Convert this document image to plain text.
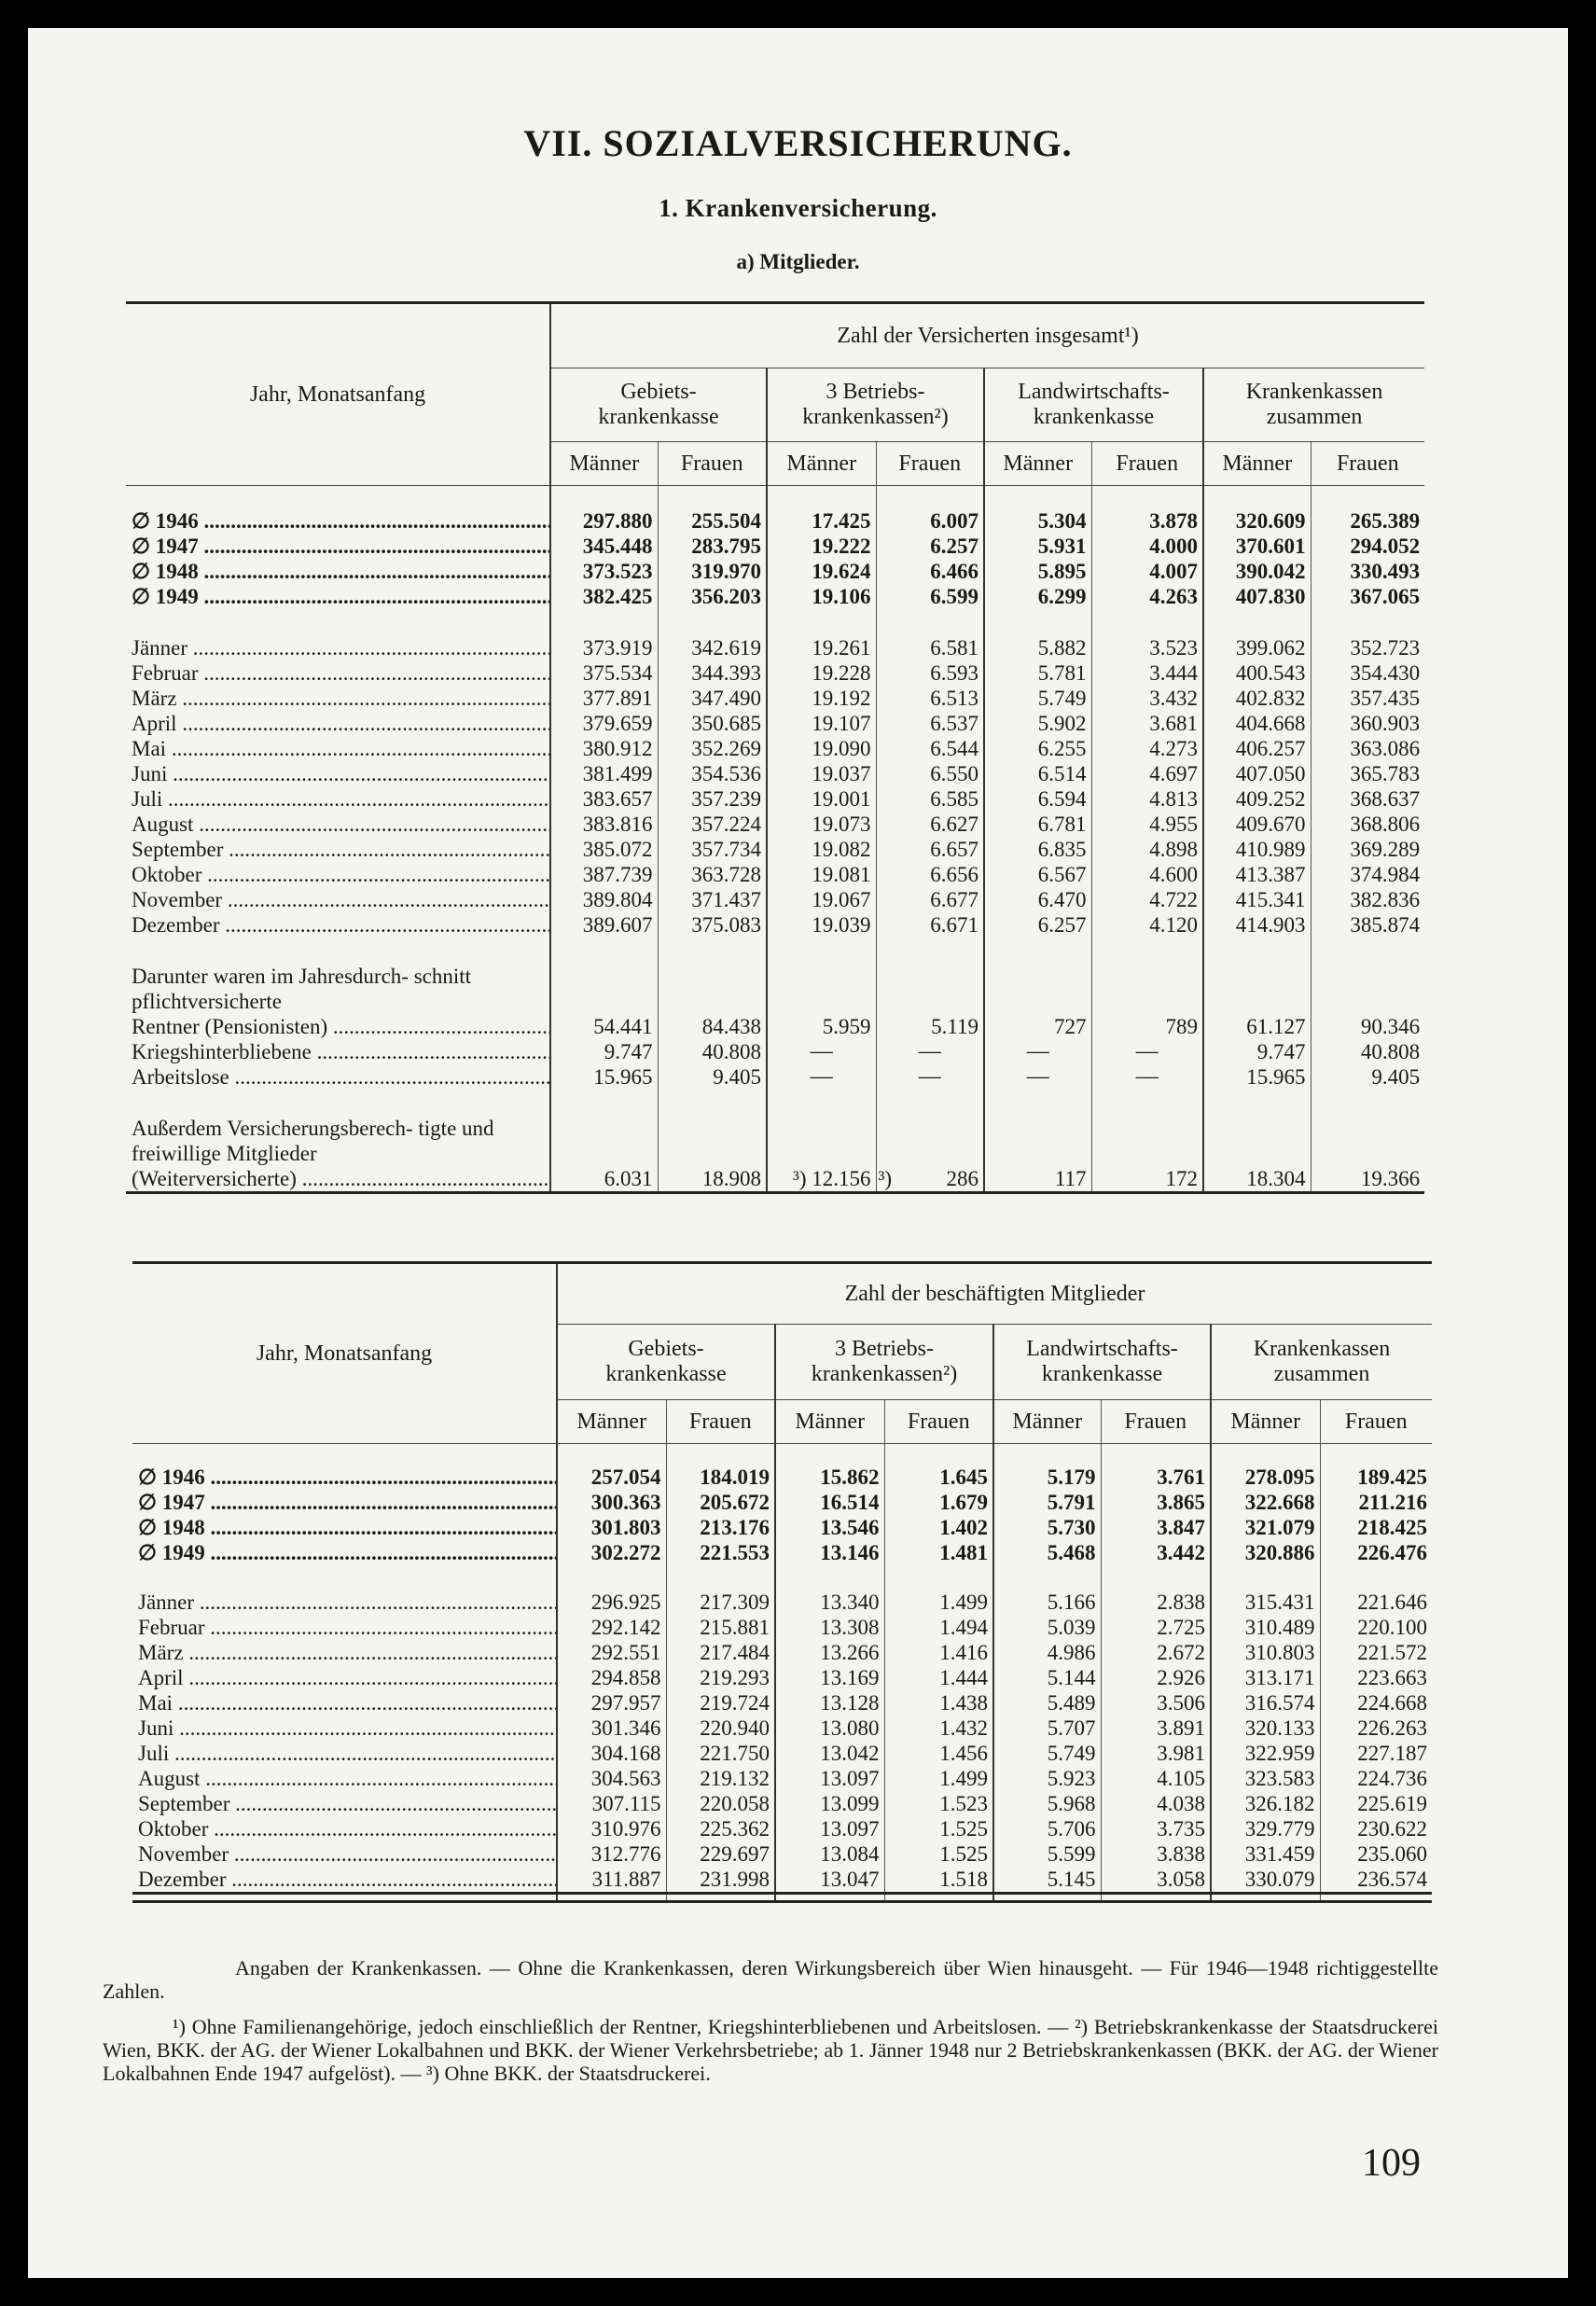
VII. SOZIALVERSICHERUNG.
1. Krankenversicherung.
a) Mitglieder.
Jahr, Monatsanfang	Zahl der Versicherten insgesamt¹)							
	Gebiets- krankenkasse		3 Betriebs- krankenkassen²)		Landwirtschafts- krankenkasse		Krankenkassen zusammen	
	Männer	Frauen	Männer	Frauen	Männer	Frauen	Männer	Frauen

∅ 1946 .....	297.880	255.504	17.425	6.007	5.304	3.878	320.609	265.389
∅ 1947 .....	345.448	283.795	19.222	6.257	5.931	4.000	370.601	294.052
∅ 1948 .....	373.523	319.970	19.624	6.466	5.895	4.007	390.042	330.493
∅ 1949 .....	382.425	356.203	19.106	6.599	6.299	4.263	407.830	367.065

Jänner .....	373.919	342.619	19.261	6.581	5.882	3.523	399.062	352.723
Februar .....	375.534	344.393	19.228	6.593	5.781	3.444	400.543	354.430
März .....	377.891	347.490	19.192	6.513	5.749	3.432	402.832	357.435
April .....	379.659	350.685	19.107	6.537	5.902	3.681	404.668	360.903
Mai .....	380.912	352.269	19.090	6.544	6.255	4.273	406.257	363.086
Juni .....	381.499	354.536	19.037	6.550	6.514	4.697	407.050	365.783
Juli .....	383.657	357.239	19.001	6.585	6.594	4.813	409.252	368.637
August .....	383.816	357.224	19.073	6.627	6.781	4.955	409.670	368.806
September .....	385.072	357.734	19.082	6.657	6.835	4.898	410.989	369.289
Oktober .....	387.739	363.728	19.081	6.656	6.567	4.600	413.387	374.984
November .....	389.804	371.437	19.067	6.677	6.470	4.722	415.341	382.836
Dezember .....	389.607	375.083	19.039	6.671	6.257	4.120	414.903	385.874

Darunter waren im Jahresdurch- schnitt pflichtversicherte								
Rentner (Pensionisten) .....	54.441	84.438	5.959	5.119	727	789	61.127	90.346
Kriegshinterbliebene .....	9.747	40.808	—	—	—	—	9.747	40.808
Arbeitslose .....	15.965	9.405	—	—	—	—	15.965	9.405

Außerdem Versicherungsberech- tigte und freiwillige Mitglieder								
(Weiterversicherte) .....	6.031	18.908	³) 12.156	³) 286	117	172	18.304	19.366
Jahr, Monatsanfang	Zahl der beschäftigten Mitglieder							
	Gebiets- krankenkasse		3 Betriebs- krankenkassen²)		Landwirtschafts- krankenkasse		Krankenkassen zusammen	
	Männer	Frauen	Männer	Frauen	Männer	Frauen	Männer	Frauen

∅ 1946 .....	257.054	184.019	15.862	1.645	5.179	3.761	278.095	189.425
∅ 1947 .....	300.363	205.672	16.514	1.679	5.791	3.865	322.668	211.216
∅ 1948 .....	301.803	213.176	13.546	1.402	5.730	3.847	321.079	218.425
∅ 1949 .....	302.272	221.553	13.146	1.481	5.468	3.442	320.886	226.476

Jänner .....	296.925	217.309	13.340	1.499	5.166	2.838	315.431	221.646
Februar .....	292.142	215.881	13.308	1.494	5.039	2.725	310.489	220.100
März .....	292.551	217.484	13.266	1.416	4.986	2.672	310.803	221.572
April .....	294.858	219.293	13.169	1.444	5.144	2.926	313.171	223.663
Mai .....	297.957	219.724	13.128	1.438	5.489	3.506	316.574	224.668
Juni .....	301.346	220.940	13.080	1.432	5.707	3.891	320.133	226.263
Juli .....	304.168	221.750	13.042	1.456	5.749	3.981	322.959	227.187
August .....	304.563	219.132	13.097	1.499	5.923	4.105	323.583	224.736
September .....	307.115	220.058	13.099	1.523	5.968	4.038	326.182	225.619
Oktober .....	310.976	225.362	13.097	1.525	5.706	3.735	329.779	230.622
November .....	312.776	229.697	13.084	1.525	5.599	3.838	331.459	235.060
Dezember .....	311.887	231.998	13.047	1.518	5.145	3.058	330.079	236.574

Angaben der Krankenkassen. — Ohne die Krankenkassen, deren Wirkungsbereich über Wien hinausgeht. — Für 1946—1948 richtiggestellte Zahlen.
¹) Ohne Familienangehörige, jedoch einschließlich der Rentner, Kriegshinterbliebenen und Arbeitslosen. — ²) Betriebskrankenkasse der Staatsdruckerei Wien, BKK. der AG. der Wiener Lokalbahnen und BKK. der Wiener Verkehrsbetriebe; ab 1. Jänner 1948 nur 2 Betriebskrankenkassen (BKK. der AG. der Wiener Lokalbahnen Ende 1947 aufgelöst). — ³) Ohne BKK. der Staatsdruckerei.
109
